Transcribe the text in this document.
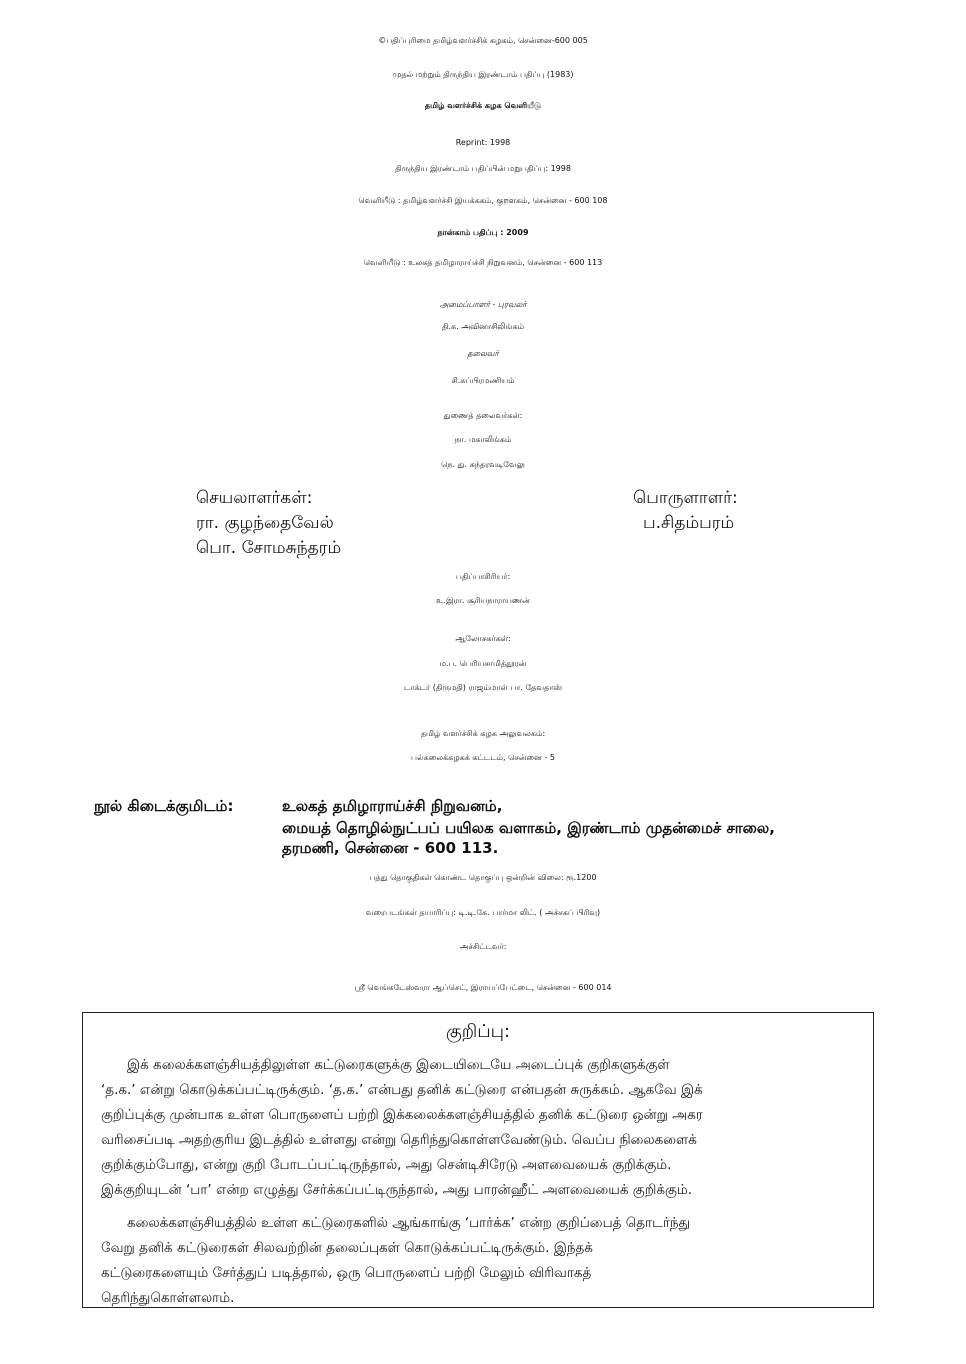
©பதிப்புரிமை தமிழ்வளர்ச்சிக் கழகம், சென்னை-600 005
முதல் மற்றும் திருந்திய இரண்டாம் பதிப்பு (1983)
தமிழ் வளர்ச்சிக் கழக வெளியீடு
Reprint: 1998
திருந்திய இரண்டாம் பதிப்பின் மறுபதிப்பு: 1998
வெளியீடு : தமிழ்வளர்ச்சி இயக்ககம், குறளகம், சென்னை - 600 108
நான்காம் பதிப்பு : 2009
வெளியீடு : உலகத் தமிழாராய்ச்சி நிறுவனம், சென்னை - 600 113
அமைப்பாளர் - புரவலர்
தி.க. அவினாசிலிங்கம்
தலைவர்
சி.சுப்பிரமணியம்
துணைத் தலைவர்கள்:
நா. மகாலிங்கம்
நெ. து. சுந்தரவடிவேலு
செயலாளர்கள்:
ரா. குழந்தைவேல்
பொ. சோமசுந்தரம்
பொருளாளர்:
ப.சிதம்பரம்
பதிப்பாசிரியர்:
உ.இரா. சூரியநாராயணன்
ஆலோசகர்கள்:
ம.ப. பெரியசாமித்தூரன்
டாக்டர் (திருமதி) ராஜம்மாள் பா. தேவதாஸ்
தமிழ் வளர்ச்சிக் கழக அலுவலகம்:
பல்கலைக்கழகக் கட்டடம், சென்னை - 5
நூல் கிடைக்குமிடம்:	உலகத் தமிழாராய்ச்சி நிறுவனம்,
மையத் தொழில்நுட்பப் பயிலக வளாகம், இரண்டாம் முதன்மைச் சாலை,
தரமணி, சென்னை - 600 113.
பத்து தொகுதிகள் கொண்ட தொகுப்பு ஒன்றின் விலை: ரூ.1200
வரைபடங்கள் தயாரிப்பு: டி.டி.கே. பார்மா லிட். ( அச்சகப் பிரிவு)
அச்சிட்டவர்:
ஸ்ரீ வெங்கடேஸ்வரா ஆப்செட், இராயப்பேட்டை, சென்னை - 600 014
குறிப்பு:

இக் கலைக்களஞ்சியத்திலுள்ள கட்டுரைகளுக்கு இடையிடையே அடைப்புக் குறிகளுக்குள்

‘த.க.’ என்று கொடுக்கப்பட்டிருக்கும். ‘த.க.’ என்பது தனிக் கட்டுரை என்பதன் சுருக்கம். ஆகவே இக்

குறிப்புக்கு முன்பாக உள்ள பொருளைப் பற்றி இக்கலைக்களஞ்சியத்தில் தனிக் கட்டுரை ஒன்று அகர

வரிசைப்படி அதற்குரிய இடத்தில் உள்ளது என்று தெரிந்துகொள்ளவேண்டும். வெப்ப நிலைகளைக்

குறிக்கும்போது, என்று குறி போடப்பட்டிருந்தால், அது சென்டிசிரேடு அளவையைக் குறிக்கும்.

இக்குறியுடன் ‘பா’ என்ற எழுத்து சேர்க்கப்பட்டிருந்தால், அது பாரன்ஹீட் அளவையைக் குறிக்கும்.

கலைக்களஞ்சியத்தில் உள்ள கட்டுரைகளில் ஆங்காங்கு ‘பார்க்க’ என்ற குறிப்பைத் தொடர்ந்து

வேறு தனிக் கட்டுரைகள் சிலவற்றின் தலைப்புகள் கொடுக்கப்பட்டிருக்கும். இந்தக்

கட்டுரைகளையும் சேர்த்துப் படித்தால், ஒரு பொருளைப் பற்றி மேலும் விரிவாகத்

தெரிந்துகொள்ளலாம்.
